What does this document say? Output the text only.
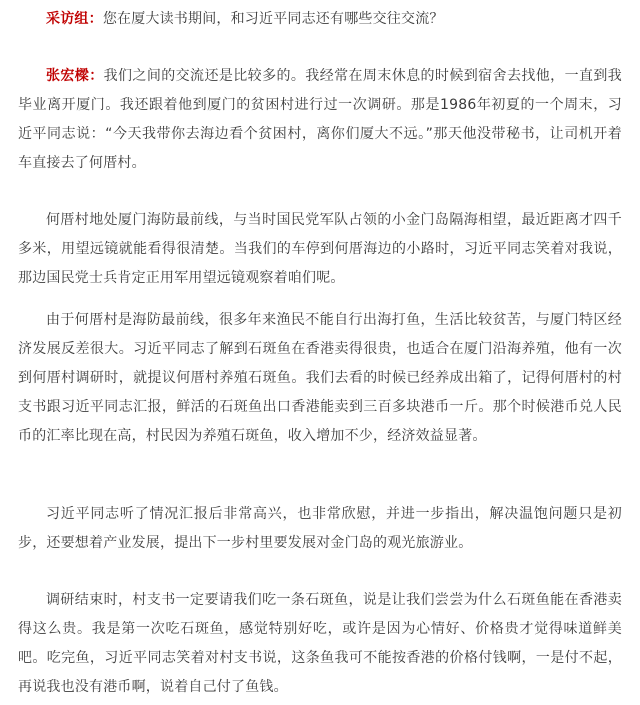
采访组：您在厦大读书期间，和习近平同志还有哪些交往交流？

张宏樑：我们之间的交流还是比较多的。我经常在周末休息的时候到宿舍去找他，一直到我毕业离开厦门。我还跟着他到厦门的贫困村进行过一次调研。那是1986年初夏的一个周末，习近平同志说：“今天我带你去海边看个贫困村，离你们厦大不远。”那天他没带秘书，让司机开着车直接去了何厝村。

何厝村地处厦门海防最前线，与当时国民党军队占领的小金门岛隔海相望，最近距离才四千多米，用望远镜就能看得很清楚。当我们的车停到何厝海边的小路时，习近平同志笑着对我说，那边国民党士兵肯定正用军用望远镜观察着咱们呢。

由于何厝村是海防最前线，很多年来渔民不能自行出海打鱼，生活比较贫苦，与厦门特区经济发展反差很大。习近平同志了解到石斑鱼在香港卖得很贵，也适合在厦门沿海养殖，他有一次到何厝村调研时，就提议何厝村养殖石斑鱼。我们去看的时候已经养成出箱了，记得何厝村的村支书跟习近平同志汇报，鲜活的石斑鱼出口香港能卖到三百多块港币一斤。那个时候港币兑人民币的汇率比现在高，村民因为养殖石斑鱼，收入增加不少，经济效益显著。

习近平同志听了情况汇报后非常高兴，也非常欣慰，并进一步指出，解决温饱问题只是初步，还要想着产业发展，提出下一步村里要发展对金门岛的观光旅游业。

调研结束时，村支书一定要请我们吃一条石斑鱼，说是让我们尝尝为什么石斑鱼能在香港卖得这么贵。我是第一次吃石斑鱼，感觉特别好吃，或许是因为心情好、价格贵才觉得味道鲜美吧。吃完鱼，习近平同志笑着对村支书说，这条鱼我可不能按香港的价格付钱啊，一是付不起，再说我也没有港币啊，说着自己付了鱼钱。
